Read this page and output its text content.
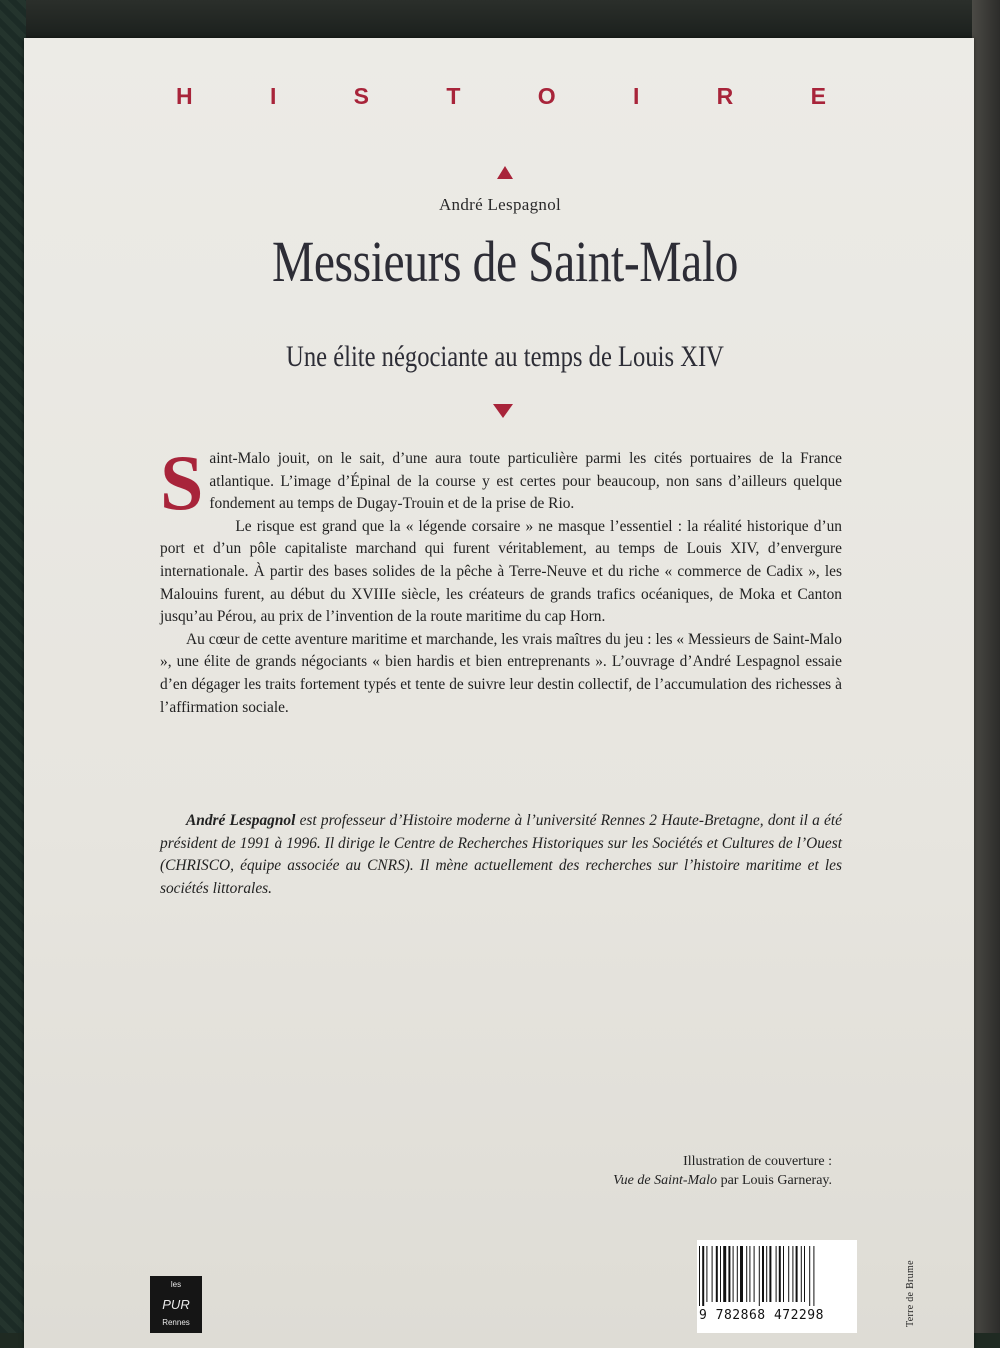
H	I	S	T	O	I	R	E
André Lespagnol
Messieurs de Saint-Malo
Une élite négociante au temps de Louis XIV

Saint-Malo jouit, on le sait, d’une aura toute particulière parmi les cités portuaires de la France atlantique. L’image d’Épinal de la course y est certes pour beaucoup, non sans d’ailleurs quelque fondement au temps de Dugay-Trouin et de la prise de Rio.

Le risque est grand que la « légende corsaire » ne masque l’essentiel : la réalité historique d’un port et d’un pôle capitaliste marchand qui furent véritablement, au temps de Louis XIV, d’envergure internationale. À partir des bases solides de la pêche à Terre-Neuve et du riche « commerce de Cadix », les Malouins furent, au début du XVIIIe siècle, les créateurs de grands trafics océaniques, de Moka et Canton jusqu’au Pérou, au prix de l’invention de la route maritime du cap Horn.

Au cœur de cette aventure maritime et marchande, les vrais maîtres du jeu : les « Messieurs de Saint-Malo », une élite de grands négociants « bien hardis et bien entreprenants ». L’ouvrage d’André Lespagnol essaie d’en dégager les traits fortement typés et tente de suivre leur destin collectif, de l’accumulation des richesses à l’affirmation sociale.

André Lespagnol est professeur d’Histoire moderne à l’université Rennes 2 Haute-Bretagne, dont il a été président de 1991 à 1996. Il dirige le Centre de Recherches Historiques sur les Sociétés et Cultures de l’Ouest (CHRISCO, équipe associée au CNRS). Il mène actuellement des recherches sur l’histoire maritime et les sociétés littorales.
Illustration de couverture :
Vue de Saint-Malo par Louis Garneray.
les
PUR
Rennes	9 782868 472298	Terre de Brume
